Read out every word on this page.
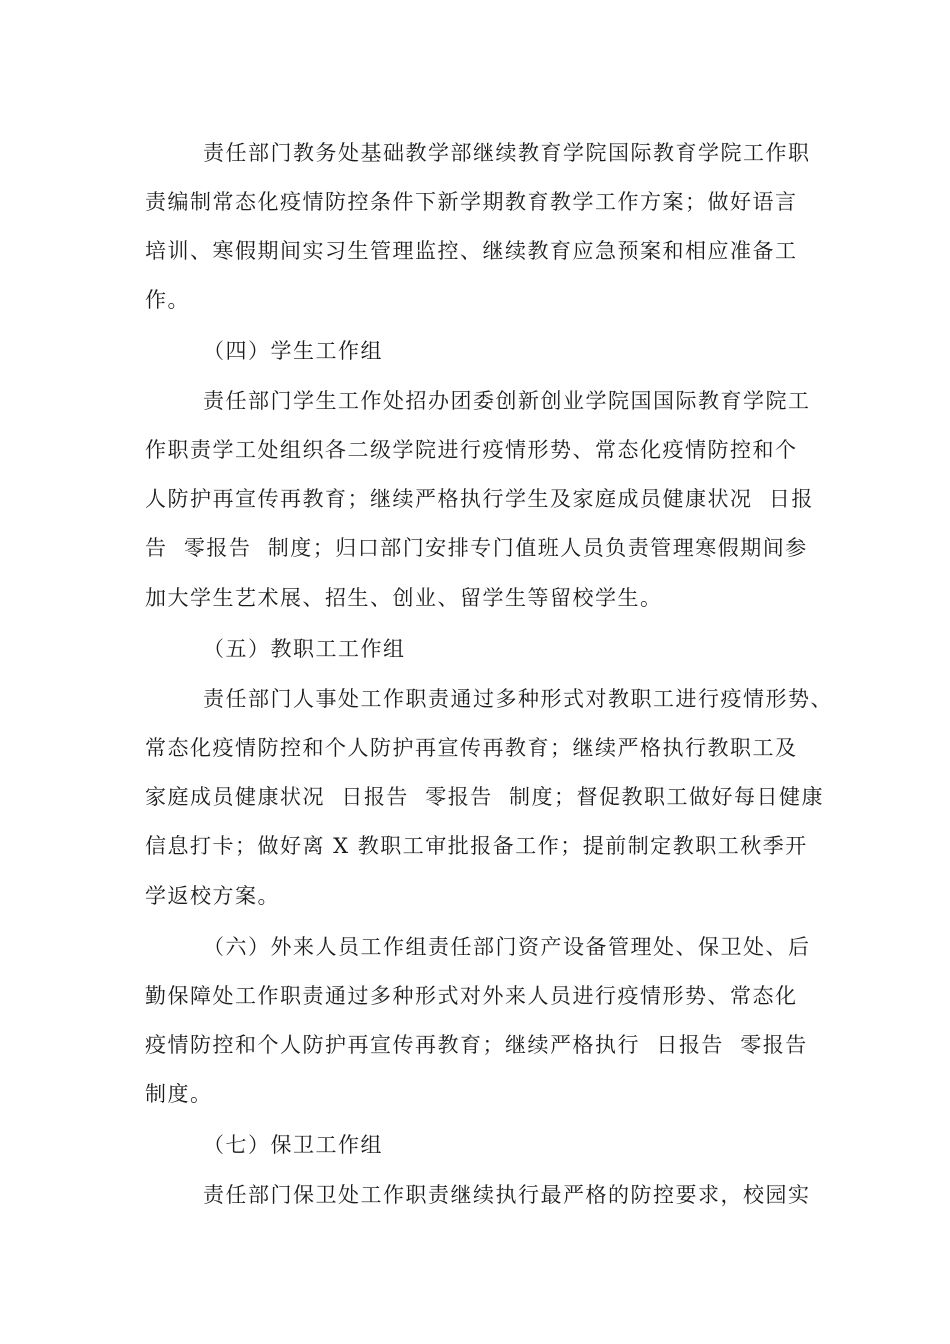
责任部门教务处基础教学部继续教育学院国际教育学院工作职
责编制常态化疫情防控条件下新学期教育教学工作方案；做好语言
培训、寒假期间实习生管理监控、继续教育应急预案和相应准备工
作。
（四）学生工作组
责任部门学生工作处招办团委创新创业学院国国际教育学院工
作职责学工处组织各二级学院进行疫情形势、常态化疫情防控和个
人防护再宣传再教育；继续严格执行学生及家庭成员健康状况  日报
告  零报告  制度；归口部门安排专门值班人员负责管理寒假期间参
加大学生艺术展、招生、创业、留学生等留校学生。
（五）教职工工作组
责任部门人事处工作职责通过多种形式对教职工进行疫情形势、
常态化疫情防控和个人防护再宣传再教育；继续严格执行教职工及
家庭成员健康状况  日报告  零报告  制度；督促教职工做好每日健康
信息打卡；做好离 X 教职工审批报备工作；提前制定教职工秋季开
学返校方案。
（六）外来人员工作组责任部门资产设备管理处、保卫处、后
勤保障处工作职责通过多种形式对外来人员进行疫情形势、常态化
疫情防控和个人防护再宣传再教育；继续严格执行  日报告  零报告
制度。
（七）保卫工作组
责任部门保卫处工作职责继续执行最严格的防控要求，校园实
